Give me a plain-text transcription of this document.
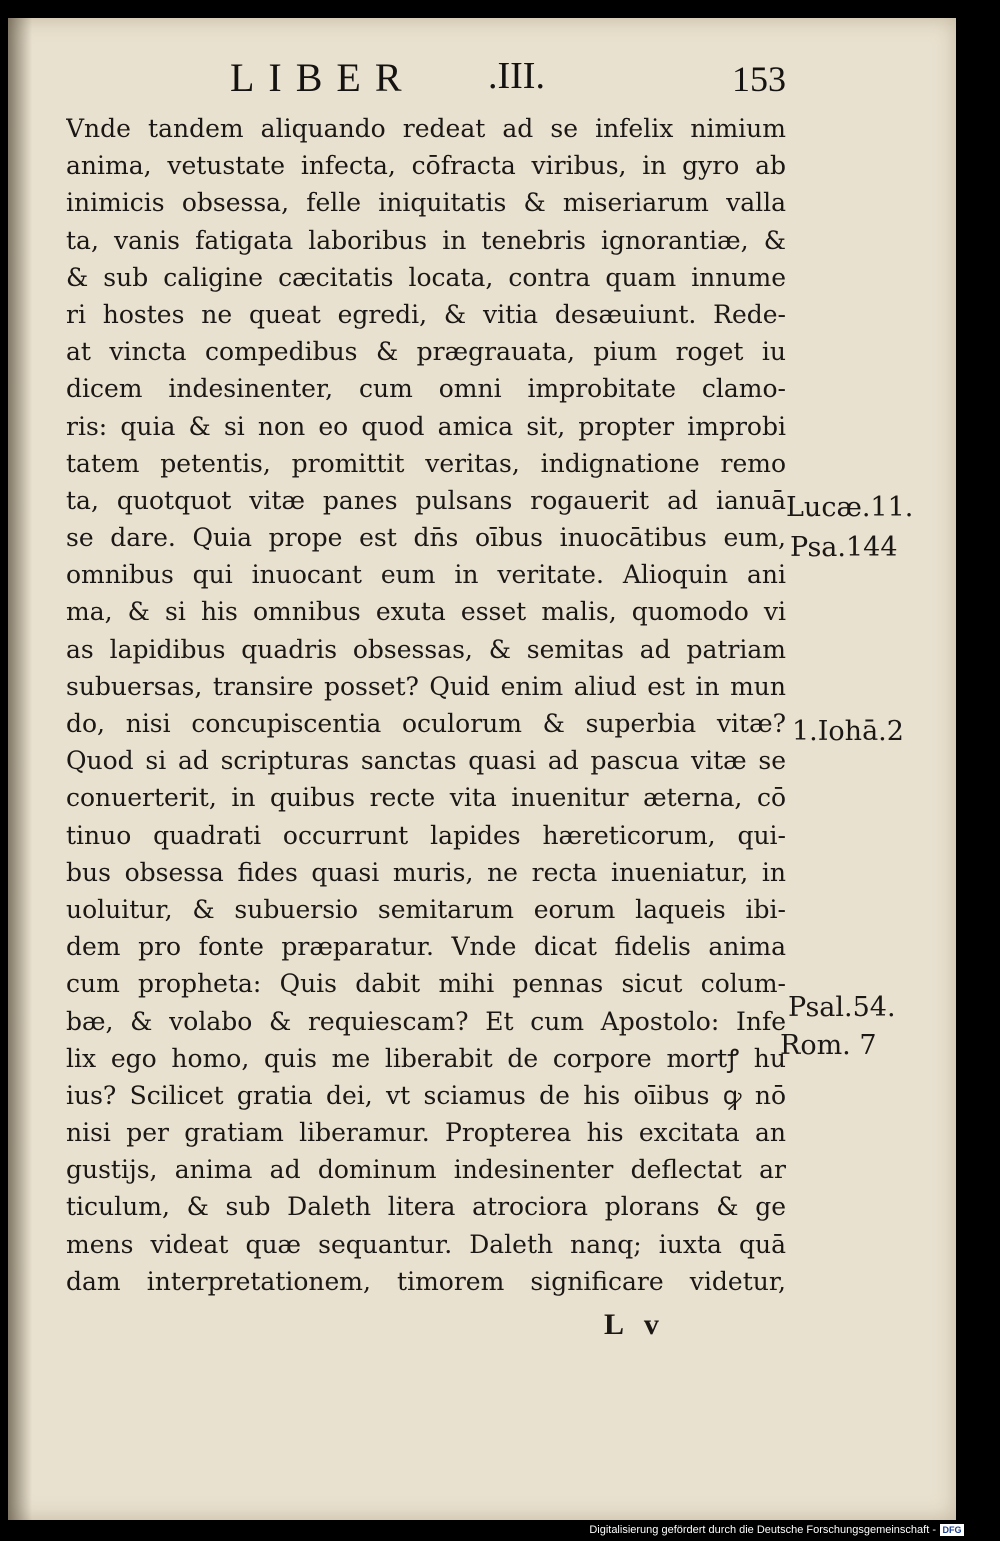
LIBER .III.	153
Vnde tandem aliquando redeat ad se infelix nimium
anima, vetustate infecta, cōfracta viribus, in gyro ab
inimicis obsessa, felle iniquitatis & miseriarum valla
ta, vanis fatigata laboribus in tenebris ignorantiæ, &
& sub caligine cæcitatis locata, contra quam innume
ri hostes ne queat egredi, & vitia desæuiunt. Rede-
at vincta compedibus & prægrauata, pium roget iu
dicem indesinenter, cum omni improbitate clamo-
ris: quia & si non eo quod amica sit, propter improbi
tatem petentis, promittit veritas, indignatione remo
ta, quotquot vitæ panes pulsans rogauerit ad ianuā
se dare. Quia prope est dn̄s oībus inuocātibus eum,
omnibus qui inuocant eum in veritate. Alioquin ani
ma, & si his omnibus exuta esset malis, quomodo vi
as lapidibus quadris obsessas, & semitas ad patriam
subuersas, transire posset? Quid enim aliud est in mun
do, nisi concupiscentia oculorum & superbia vitæ?
Quod si ad scripturas sanctas quasi ad pascua vitæ se
conuerterit, in quibus recte vita inuenitur æterna, cō
tinuo quadrati occurrunt lapides hæreticorum, qui-
bus obsessa fides quasi muris, ne recta inueniatur, in
uoluitur, & subuersio semitarum eorum laqueis ibi-
dem pro fonte præparatur. Vnde dicat fidelis anima
cum propheta: Quis dabit mihi pennas sicut colum-
bæ, & volabo & requiescam? Et cum Apostolo: Infe
lix ego homo, quis me liberabit de corpore mortꝭ hu
ius? Scilicet gratia dei, vt sciamus de his oīibus ꝙ nō
nisi per gratiam liberamur. Propterea his excitata an
gustijs, anima ad dominum indesinenter deflectat ar
ticulum, & sub Daleth litera atrociora plorans & ge
mens videat quæ sequantur. Daleth nanq; iuxta quā
dam interpretationem, timorem significare videtur,
Lucæ.11.
Psa.144
1.Iohā.2
Psal.54.
Rom. 7
L v
Digitalisierung gefördert durch die Deutsche Forschungsgemeinschaft - DFG
